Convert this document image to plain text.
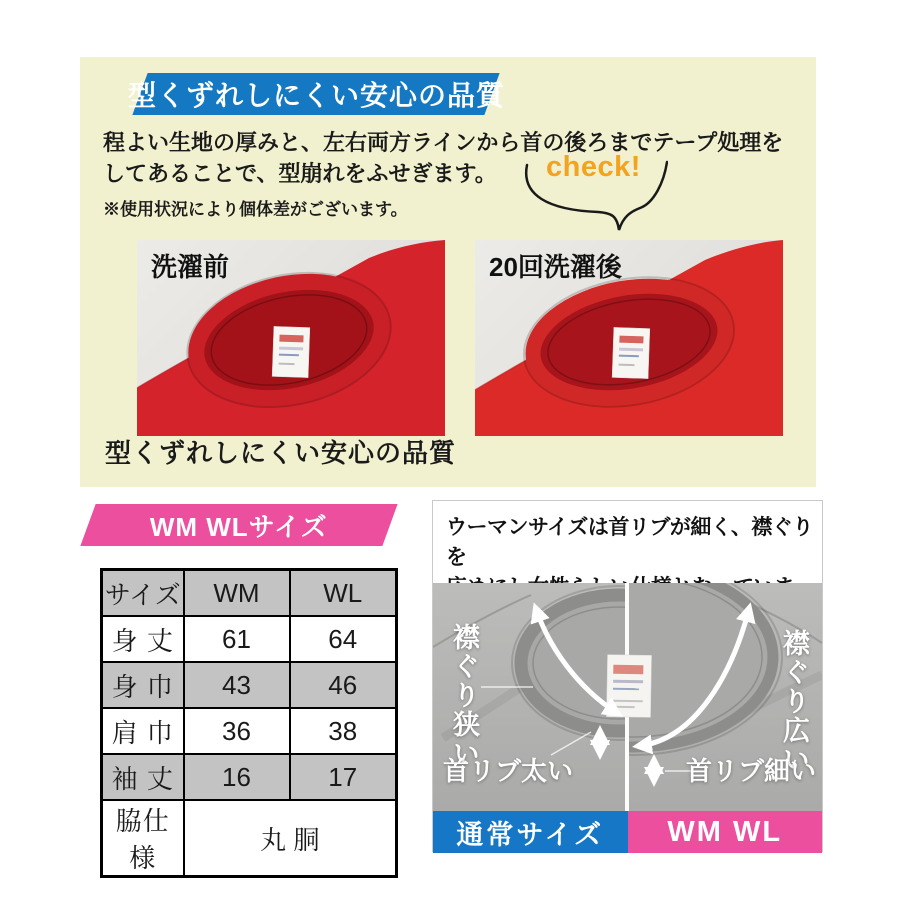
型くずれしにくい安心の品質
程よい生地の厚みと、左右両方ラインから首の後ろまでテープ処理を
してあることで、型崩れをふせぎます。
※使用状況により個体差がございます。
check!
洗濯前	20回洗濯後
型くずれしにくい安心の品質
WM WLサイズ
サイズ	WM	WL
身 丈	61	64
身 巾	43	46
肩 巾	36	38
袖 丈	16	17
脇仕様	丸 胴	
ウーマンサイズは首リブが細く、襟ぐりを
襟ぐり狭い	襟ぐり広い
首リブ太い	首リブ細い
通常サイズ	WM WL
